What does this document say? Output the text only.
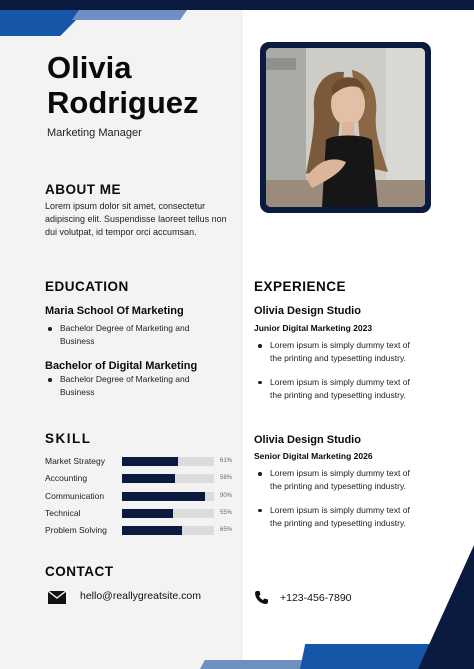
Olivia
Rodriguez
Marketing Manager
ABOUT ME
Lorem ipsum dolor sit amet, consectetur adipiscing elit. Suspendisse laoreet tellus non dui volutpat, id tempor orci accumsan.
EDUCATION
Maria School Of Marketing
Bachelor Degree of Marketing and Business
Bachelor of Digital Marketing
Bachelor Degree of Marketing and Business
SKILL
Market Strategy	61%
Accounting	58%
Communication	90%
Technical	55%
Problem Solving	65%
CONTACT
hello@reallygreatsite.com
EXPERIENCE
Olivia Design Studio
Junior Digital Marketing 2023
Lorem ipsum is simply dummy text of the printing and typesetting industry.
Lorem ipsum is simply dummy text of the printing and typesetting industry.
Olivia Design Studio
Senior Digital Marketing 2026
Lorem ipsum is simply dummy text of the printing and typesetting industry.
Lorem ipsum is simply dummy text of the printing and typesetting industry.
+123-456-7890
